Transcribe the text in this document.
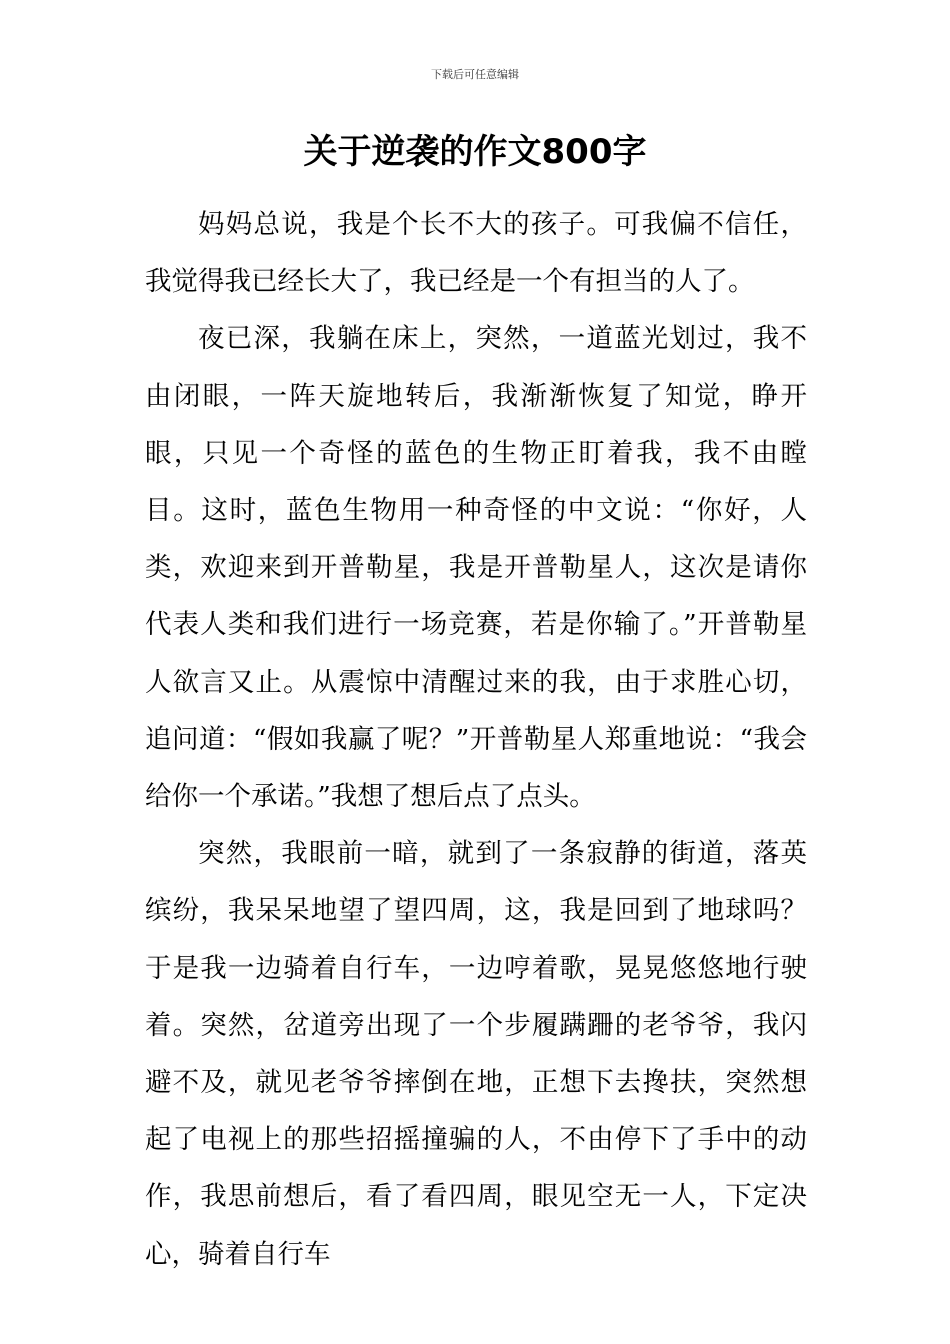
下载后可任意编辑
关于逆袭的作文800字

妈妈总说，我是个长不大的孩子。可我偏不信任，我觉得我已经长大了，我已经是一个有担当的人了。

夜已深，我躺在床上，突然，一道蓝光划过，我不由闭眼，一阵天旋地转后，我渐渐恢复了知觉，睁开眼，只见一个奇怪的蓝色的生物正盯着我，我不由瞠目。这时，蓝色生物用一种奇怪的中文说：“你好，人类，欢迎来到开普勒星，我是开普勒星人，这次是请你代表人类和我们进行一场竞赛，若是你输了。”开普勒星人欲言又止。从震惊中清醒过来的我，由于求胜心切，追问道：“假如我赢了呢？”开普勒星人郑重地说：“我会给你一个承诺。”我想了想后点了点头。

突然，我眼前一暗，就到了一条寂静的街道，落英缤纷，我呆呆地望了望四周，这，我是回到了地球吗？于是我一边骑着自行车，一边哼着歌，晃晃悠悠地行驶着。突然，岔道旁出现了一个步履蹒跚的老爷爷，我闪避不及，就见老爷爷摔倒在地，正想下去搀扶，突然想起了电视上的那些招摇撞骗的人，不由停下了手中的动作，我思前想后，看了看四周，眼见空无一人，下定决心，骑着自行车
